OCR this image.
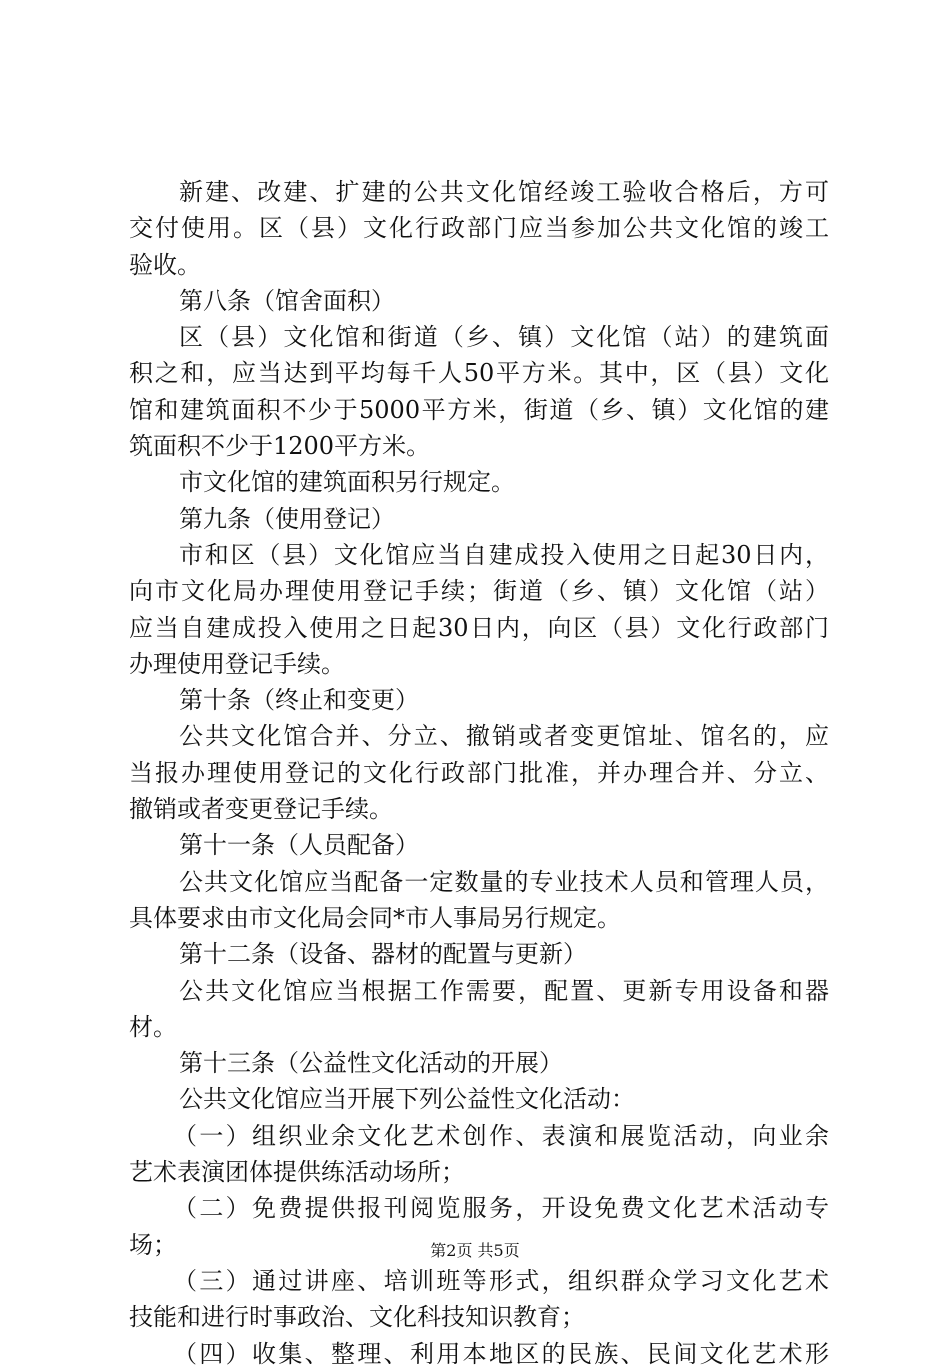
新建、改建、扩建的公共文化馆经竣工验收合格后，方可
交付使用。区（县）文化行政部门应当参加公共文化馆的竣工
验收。
第八条（馆舍面积）
区（县）文化馆和街道（乡、镇）文化馆（站）的建筑面
积之和，应当达到平均每千人50平方米。其中，区（县）文化
馆和建筑面积不少于5000平方米，街道（乡、镇）文化馆的建
筑面积不少于1200平方米。
市文化馆的建筑面积另行规定。
第九条（使用登记）
市和区（县）文化馆应当自建成投入使用之日起30日内，
向市文化局办理使用登记手续；街道（乡、镇）文化馆（站）
应当自建成投入使用之日起30日内，向区（县）文化行政部门
办理使用登记手续。
第十条（终止和变更）
公共文化馆合并、分立、撤销或者变更馆址、馆名的，应
当报办理使用登记的文化行政部门批准，并办理合并、分立、
撤销或者变更登记手续。
第十一条（人员配备）
公共文化馆应当配备一定数量的专业技术人员和管理人员，
具体要求由市文化局会同*市人事局另行规定。
第十二条（设备、器材的配置与更新）
公共文化馆应当根据工作需要，配置、更新专用设备和器
材。
第十三条（公益性文化活动的开展）
公共文化馆应当开展下列公益性文化活动：
（一）组织业余文化艺术创作、表演和展览活动，向业余
艺术表演团体提供练活动场所；
（二）免费提供报刊阅览服务，开设免费文化艺术活动专
场；
（三）通过讲座、培训班等形式，组织群众学习文化艺术
技能和进行时事政治、文化科技知识教育；
（四）收集、整理、利用本地区的民族、民间文化艺术形
第2页 共5页
